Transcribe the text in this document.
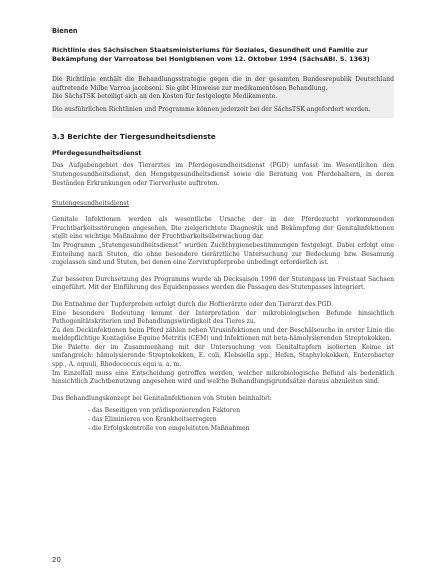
Bienen
Richtlinie des Sächsischen Staatsministeriums für Soziales, Gesundheit und Familie zur Bekämpfung der Varroatose bei Honigbienen vom 12. Oktober 1994 (SächsABl. S. 1363)

Die Richtlinie enthält die Behandlungsstrategie gegen die in der gesamten Bundesrepublik Deutschland auftretende Milbe Varroa jacobsoni. Sie gibt Hinweise zur medikamentösen Behandlung.

Die SächsTSK beteiligt sich an den Kosten für festgelegte Medikamente.

Die ausführlichen Richtlinien und Programme können jederzeit bei der SächsTSK angefordert werden.

3.3 Berichte der Tiergesundheitsdienste
Pferdegesundheitsdienst

Das Aufgabengebiet des Tierarztes im Pferdegesundheitsdienst (PGD) umfasst im Wesentlichen den Stutengesundheitsdienst, den Hengstgesundheitsdienst sowie die Beratung von Pferdehaltern, in deren Beständen Erkrankungen oder Tierverluste auftreten.

Stutengesundheitsdienst

Genitale Infektionen werden als wesentliche Ursache der in der Pferdezucht vorkommenden Fruchtbarkeitsstörungen angesehen. Die zielgerichtete Diagnostik und Bekämpfung der Genitalinfektionen stellt eine wichtige Maßnahme der Fruchtbarkeitsüberwachung dar.

Im Programm „Stutengesundheitsdienst“ wurden Zuchthygienebestimmungen festgelegt. Dabei erfolgt eine Einteilung nach Stuten, die ohne besondere tierärztliche Untersuchung zur Bedeckung bzw. Besamung zugelassen sind und Stuten, bei denen eine Zervixtupferprobe unbedingt erforderlich ist.

Zur besseren Durchsetzung des Programms wurde ab Decksaison 1996 der Stutenpass im Freistaat Sachsen eingeführt. Mit der Einführung des Equidenpasses werden die Passagen des Stutenpasses integriert.

Die Entnahme der Tupferproben erfolgt durch die Hoftierärzte oder den Tierarzt des PGD.

Eine besondere Bedeutung kommt der Interpretation der mikrobiologischen Befunde hinsichtlich Pathogenitätskriterien und Behandlungswürdigkeit des Tieres zu.

Zu den Deckinfektionen beim Pferd zählen neben Virusinfektionen und der Beschälseuche in erster Linie die meldepflichtige Kontagiöse Equine Metritis (CEM) und Infektionen mit beta-hämolysierenden Streptokokken.

Die Palette der im Zusammenhang mit der Untersuchung von Genitaltupfern isolierten Keime ist umfangreich: hämolysierende Streptokokken, E. coli, Klebsiella spp., Hefen, Staphylokokken, Enterobacter spp., A. equuli, Rhodococcus equi u. a. m.

Im Einzelfall muss eine Entscheidung getroffen werden, welcher mikrobiologische Befund als bedenklich hinsichtlich Zuchtbenutzung angesehen wird und welche Behandlungsgrundsätze daraus abzuleiten sind.

Das Behandlungskonzept bei Genitalinfektionen von Stuten beinhaltet:

- das Beseitigen von prädisponierenden Faktoren
- das Eliminieren von Krankheitserregern
- die Erfolgskontrolle von eingeleiteten Maßnahmen
20
